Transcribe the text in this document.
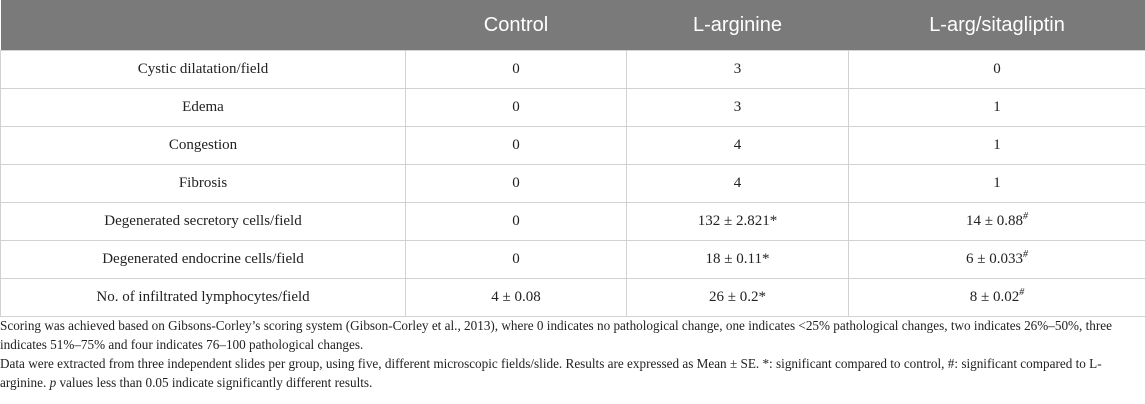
	Control	L-arginine	L-arg/sitagliptin
Cystic dilatation/field	0	3	0
Edema	0	3	1
Congestion	0	4	1
Fibrosis	0	4	1
Degenerated secretory cells/field	0	132 ± 2.821*	14 ± 0.88#
Degenerated endocrine cells/field	0	18 ± 0.11*	6 ± 0.033#
No. of infiltrated lymphocytes/field	4 ± 0.08	26 ± 0.2*	8 ± 0.02#

Scoring was achieved based on Gibsons-Corley’s scoring system (Gibson-Corley et al., 2013), where 0 indicates no pathological change, one indicates <25% pathological changes, two indicates 26%–50%, three indicates 51%–75% and four indicates 76–100 pathological changes.

Data were extracted from three independent slides per group, using five, different microscopic fields/slide. Results are expressed as Mean ± SE. *: significant compared to control, #: significant compared to L-arginine. p values less than 0.05 indicate significantly different results.
